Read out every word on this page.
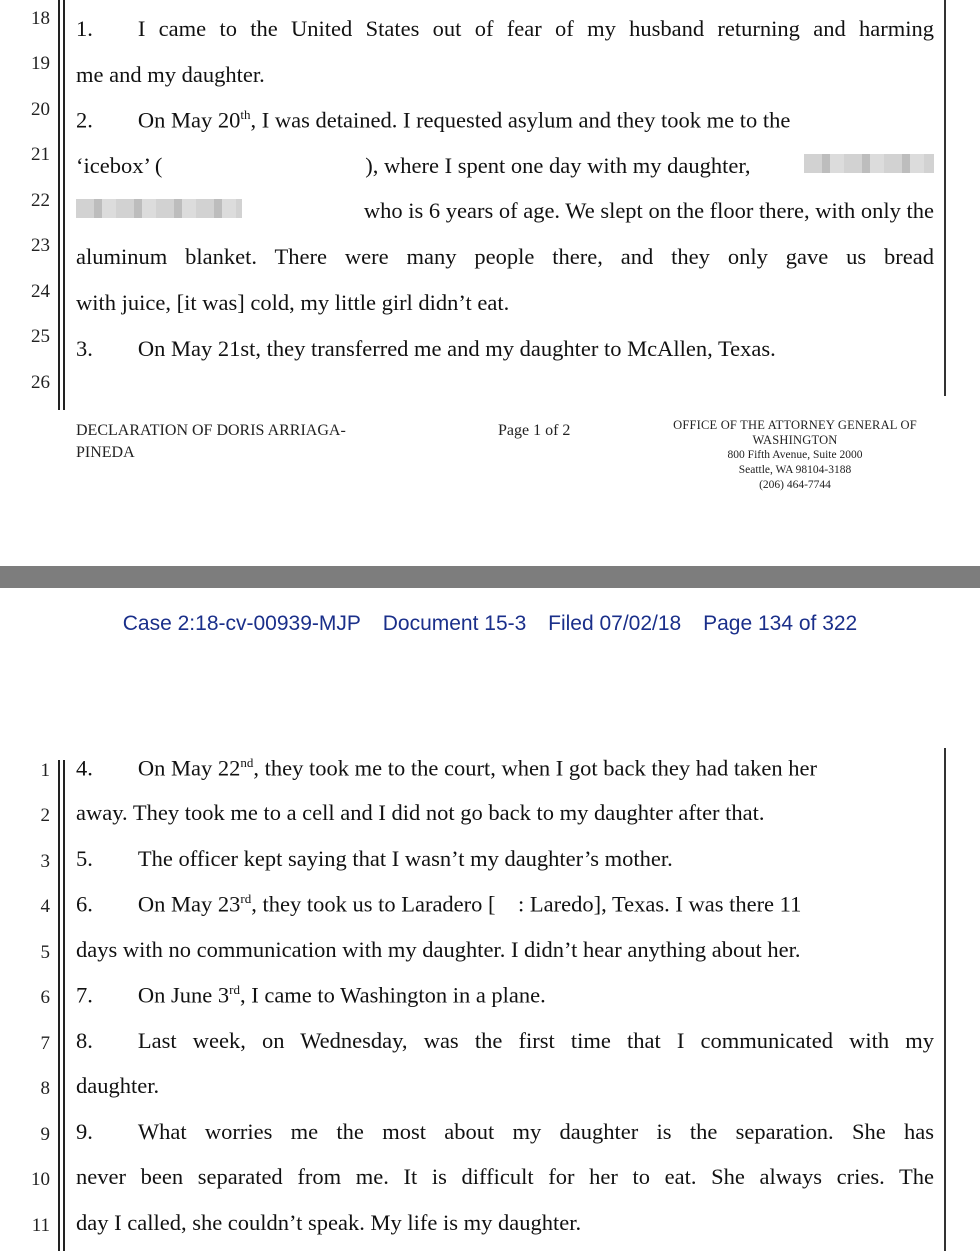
18
19
20
21
22
23
24
25
26
1.  I came to the United States out of fear of my husband returning and harming
me and my daughter.
2.  On May 20th, I was detained. I requested asylum and they took me to the
‘icebox’ (	), where I spent one day with my daughter,
who is 6 years of age. We slept on the floor there, with only the
aluminum blanket. There were many people there, and they only gave us bread
with juice, [it was] cold, my little girl didn’t eat.
3.  On May 21st, they transferred me and my daughter to McAllen, Texas.
DECLARATION OF DORIS ARRIAGA-
PINEDA
Page 1 of 2	OFFICE OF THE ATTORNEY GENERAL OF
WASHINGTON
800 Fifth Avenue, Suite 2000
Seattle, WA 98104-3188
(206) 464-7744
Case 2:18-cv-00939-MJP Document 15-3 Filed 07/02/18 Page 134 of 322
1
2
3
4
5
6
7
8
9
10
11
4.  On May 22nd, they took me to the court, when I got back they had taken her
away. They took me to a cell and I did not go back to my daughter after that.
5.  The officer kept saying that I wasn’t my daughter’s mother.
6.  On May 23rd, they took us to Laradero [ : Laredo], Texas. I was there 11
days with no communication with my daughter. I didn’t hear anything about her.
7.  On June 3rd, I came to Washington in a plane.
8.  Last week, on Wednesday, was the first time that I communicated with my
daughter.
9.  What worries me the most about my daughter is the separation. She has
never been separated from me. It is difficult for her to eat. She always cries. The
day I called, she couldn’t speak. My life is my daughter.
